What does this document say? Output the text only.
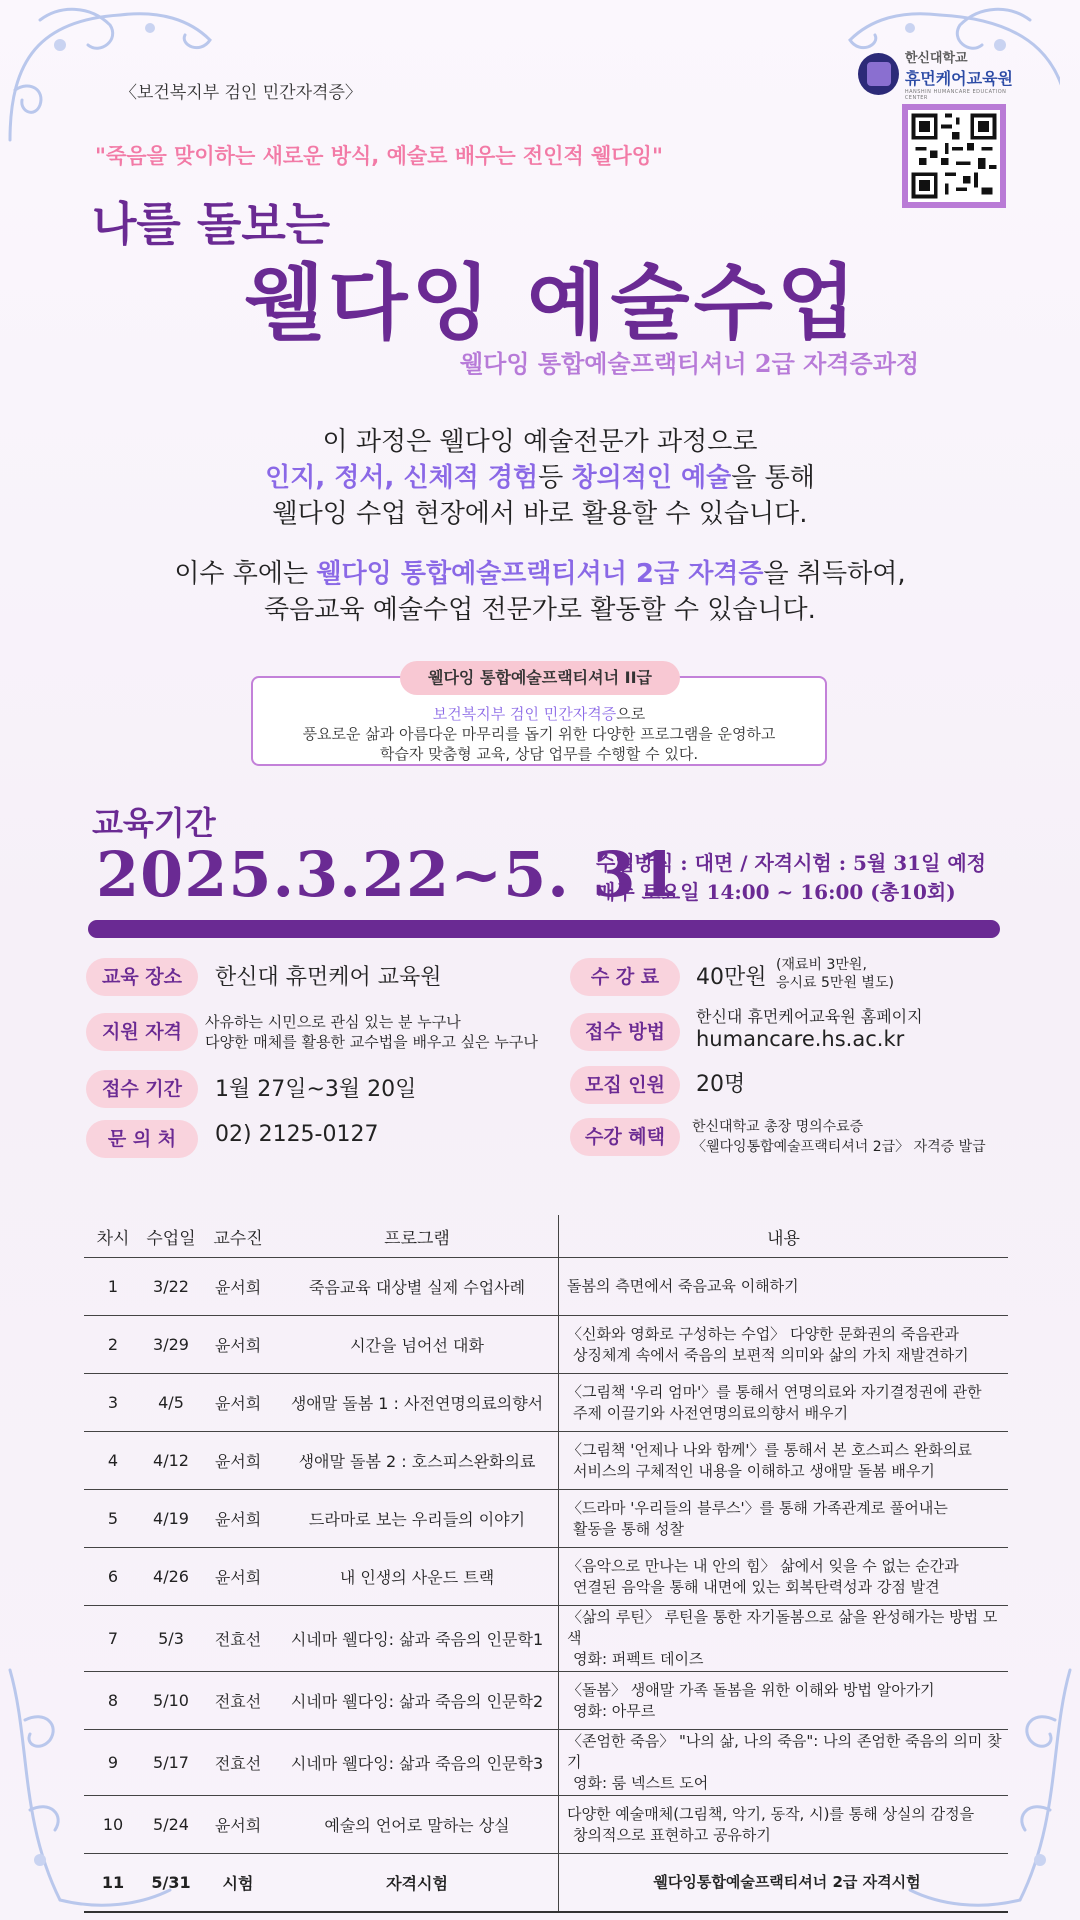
〈보건복지부 검인 민간자격증〉
한신대학교
휴먼케어교육원
HANSHIN HUMANCARE EDUCATION CENTER
"죽음을 맞이하는 새로운 방식, 예술로 배우는 전인적 웰다잉"
나를 돌보는
웰다잉 예술수업
웰다잉 통합예술프랙티셔너 2급 자격증과정
이 과정은 웰다잉 예술전문가 과정으로
인지, 정서, 신체적 경험등 창의적인 예술을 통해
웰다잉 수업 현장에서 바로 활용할 수 있습니다.
이수 후에는 웰다잉 통합예술프랙티셔너 2급 자격증을 취득하여,
죽음교육 예술수업 전문가로 활동할 수 있습니다.
웰다잉 통합예술프랙티셔너 II급
보건복지부 검인 민간자격증으로
풍요로운 삶과 아름다운 마무리를 돕기 위한 다양한 프로그램을 운영하고
학습자 맞춤형 교육, 상담 업무를 수행할 수 있다.
교육기간
2025.3.22~5. 31
수업방식 : 대면 / 자격시험 : 5월 31일 예정
매주 토요일 14:00 ~ 16:00 (총10회)
교육 장소	한신대 휴먼케어 교육원	수 강 료	40만원 (재료비 3만원,
응시료 5만원 별도)
지원 자격	사유하는 시민으로 관심 있는 분 누구나
다양한 매체를 활용한 교수법을 배우고 싶은 누구나	접수 방법
한신대 휴먼케어교육원 홈페이지
humancare.hs.ac.kr
접수 기간	1월 27일~3월 20일	모집 인원	20명
문 의 처	02) 2125-0127	수강 혜택	한신대학교 총장 명의수료증
〈웰다잉통합예술프랙티셔너 2급〉 자격증 발급
차시	수업일	교수진	프로그램	내용
1	3/22	윤서희	죽음교육 대상별 실제 수업사례	돌봄의 측면에서 죽음교육 이해하기

2	3/29	윤서희	시간을 넘어선 대화	〈신화와 영화로 구성하는 수업〉 다양한 문화권의 죽음관과
상징체계 속에서 죽음의 보편적 의미와 삶의 가치 재발견하기

3	4/5	윤서희	생애말 돌봄 1 : 사전연명의료의향서	〈그림책 '우리 엄마'〉를 통해서 연명의료와 자기결정권에 관한
주제 이끌기와 사전연명의료의향서 배우기

4	4/12	윤서희	생애말 돌봄 2 : 호스피스완화의료	〈그림책 '언제나 나와 함께'〉를 통해서 본 호스피스 완화의료
서비스의 구체적인 내용을 이해하고 생애말 돌봄 배우기

5	4/19	윤서희	드라마로 보는 우리들의 이야기	〈드라마 '우리들의 블루스'〉를 통해 가족관계로 풀어내는
활동을 통해 성찰

6	4/26	윤서희	내 인생의 사운드 트랙	〈음악으로 만나는 내 안의 힘〉 삶에서 잊을 수 없는 순간과
연결된 음악을 통해 내면에 있는 회복탄력성과 강점 발견

7	5/3	전효선	시네마 웰다잉: 삶과 죽음의 인문학1	〈삶의 루틴〉 루틴을 통한 자기돌봄으로 삶을 완성해가는 방법 모색
영화: 퍼펙트 데이즈

8	5/10	전효선	시네마 웰다잉: 삶과 죽음의 인문학2	〈돌봄〉 생애말 가족 돌봄을 위한 이해와 방법 알아가기
영화: 아무르

9	5/17	전효선	시네마 웰다잉: 삶과 죽음의 인문학3	〈존엄한 죽음〉 "나의 삶, 나의 죽음": 나의 존엄한 죽음의 의미 찾기
영화: 룸 넥스트 도어

10	5/24	윤서희	예술의 언어로 말하는 상실	다양한 예술매체(그림책, 악기, 동작, 시)를 통해 상실의 감정을
창의적으로 표현하고 공유하기

11	5/31	시험	자격시험	웰다잉통합예술프랙티셔너 2급 자격시험
